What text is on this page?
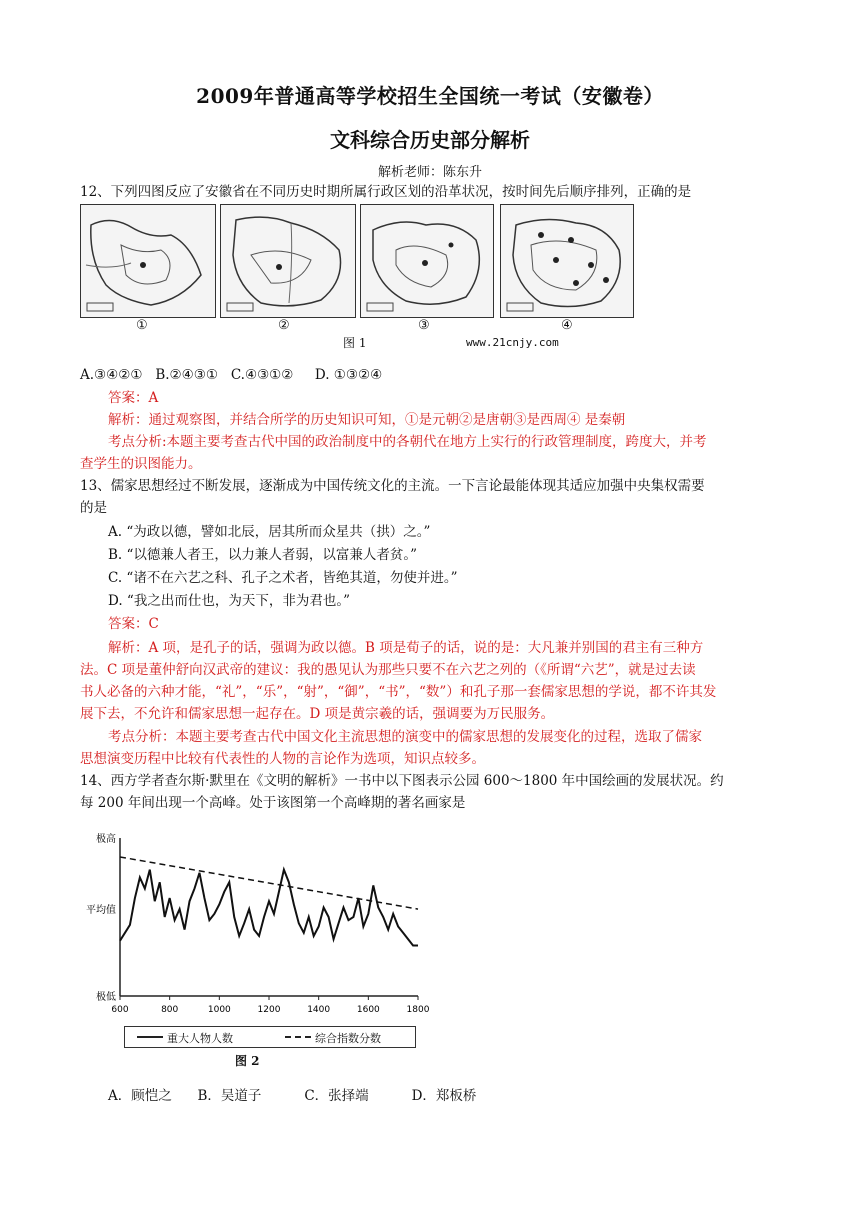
2009年普通高等学校招生全国统一考试（安徽卷）
文科综合历史部分解析
解析老师：陈东升
12、下列四图反应了安徽省在不同历史时期所属行政区划的沿革状况，按时间先后顺序排列，正确的是
①	②	③	④
图 1	www.21cnjy.com
A.③④②① B.②④③① C.④③①② D. ①③②④
答案：A
解析：通过观察图，并结合所学的历史知识可知，①是元朝②是唐朝③是西周④ 是秦朝
考点分析:本题主要考查古代中国的政治制度中的各朝代在地方上实行的行政管理制度，跨度大，并考
查学生的识图能力。
13、儒家思想经过不断发展，逐渐成为中国传统文化的主流。一下言论最能体现其适应加强中央集权需要
的是
A. “为政以德，譬如北辰，居其所而众星共（拱）之。”
B. “以德兼人者王，以力兼人者弱，以富兼人者贫。”
C. “诸不在六艺之科、孔子之术者，皆绝其道，勿使并进。”
D. “我之出而仕也，为天下，非为君也。”
答案：C
解析：A 项，是孔子的话，强调为政以德。B 项是荀子的话，说的是：大凡兼并别国的君主有三种方
法。C 项是董仲舒向汉武帝的建议：我的愚见认为那些只要不在六艺之列的（《所谓“六艺”，就是过去读
书人必备的六种才能，“礼”，“乐”，“射”，“御”，“书”，“数”）和孔子那一套儒家思想的学说，都不许其发
展下去，不允许和儒家思想一起存在。D 项是黄宗羲的话，强调要为万民服务。
考点分析：本题主要考查古代中国文化主流思想的演变中的儒家思想的发展变化的过程，选取了儒家
思想演变历程中比较有代表性的人物的言论作为选项，知识点较多。
14、西方学者查尔斯·默里在《文明的解析》一书中以下图表示公园 600～1800 年中国绘画的发展状况。约
每 200 年间出现一个高峰。处于该图第一个高峰期的著名画家是
极高
平均值
极低
600	800	1000	1200	1400	1600	1800
重大人物人数	综合指数分数
图 2
A．顾恺之 B．吴道子	C．张择端	D．郑板桥
